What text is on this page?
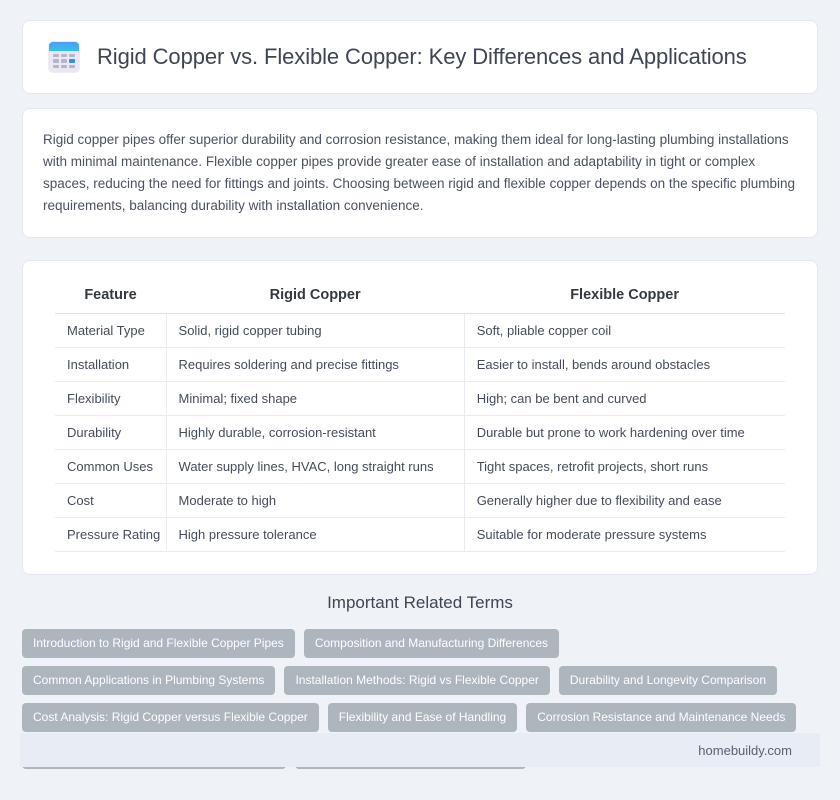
Rigid Copper vs. Flexible Copper: Key Differences and Applications

Rigid copper pipes offer superior durability and corrosion resistance, making them ideal for long-lasting plumbing installations with minimal maintenance. Flexible copper pipes provide greater ease of installation and adaptability in tight or complex spaces, reducing the need for fittings and joints. Choosing between rigid and flexible copper depends on the specific plumbing requirements, balancing durability with installation convenience.

Feature	Rigid Copper	Flexible Copper
Material Type	Solid, rigid copper tubing	Soft, pliable copper coil
Installation	Requires soldering and precise fittings	Easier to install, bends around obstacles
Flexibility	Minimal; fixed shape	High; can be bent and curved
Durability	Highly durable, corrosion-resistant	Durable but prone to work hardening over time
Common Uses	Water supply lines, HVAC, long straight runs	Tight spaces, retrofit projects, short runs
Cost	Moderate to high	Generally higher due to flexibility and ease
Pressure Rating	High pressure tolerance	Suitable for moderate pressure systems
Important Related Terms
Introduction to Rigid and Flexible Copper Pipes	Composition and Manufacturing Differences
Common Applications in Plumbing Systems	Installation Methods: Rigid vs Flexible Copper	Durability and Longevity Comparison
Cost Analysis: Rigid Copper versus Flexible Copper	Flexibility and Ease of Handling	Corrosion Resistance and Maintenance Needs
homebuildy.com
